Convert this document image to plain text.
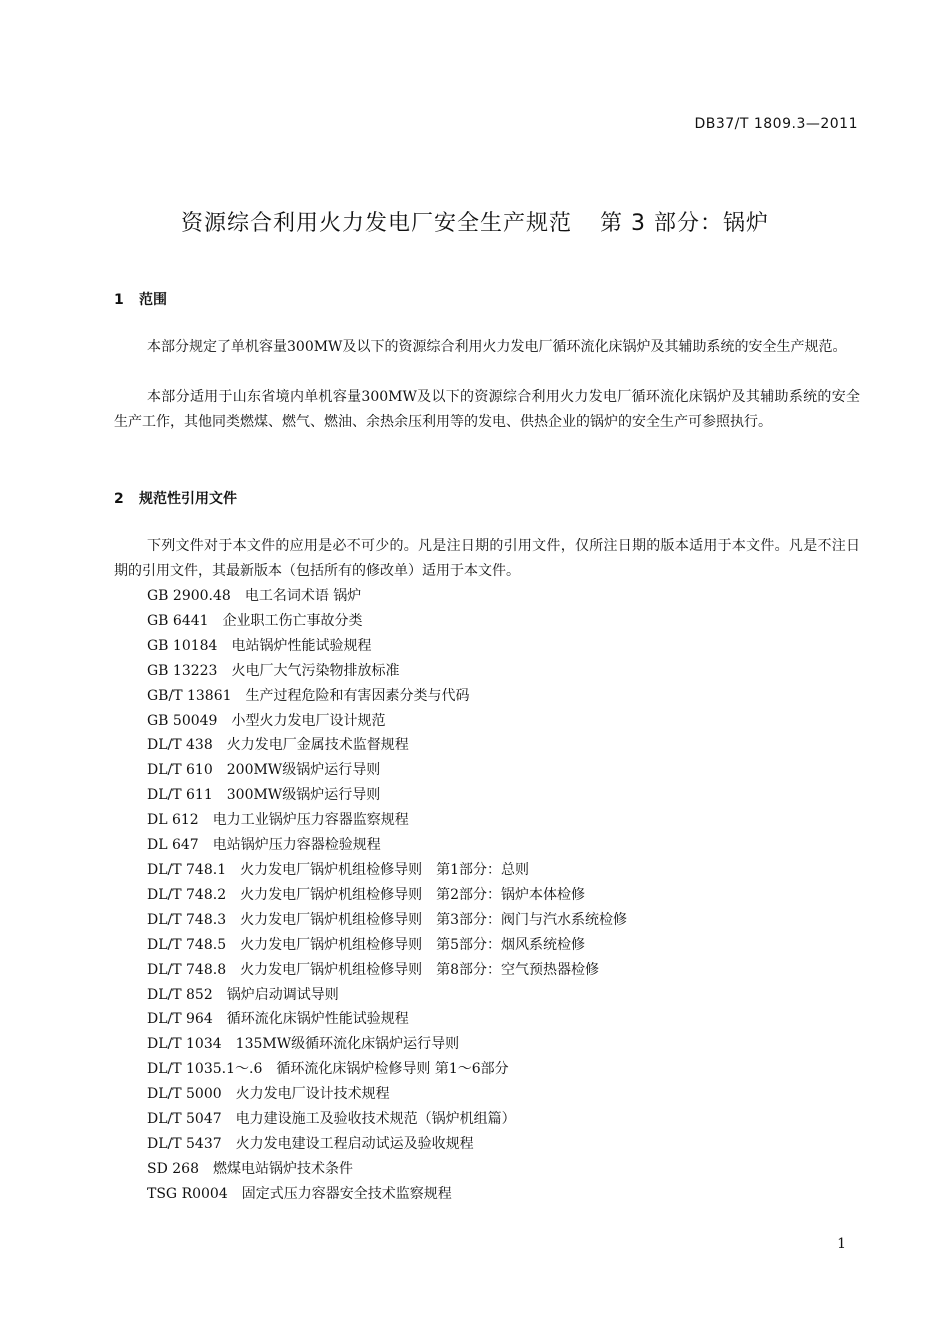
DB37/T 1809.3—2011
资源综合利用火力发电厂安全生产规范 第 3 部分：锅炉
1 范围

本部分规定了单机容量300MW及以下的资源综合利用火力发电厂循环流化床锅炉及其辅助系统的安全生产规范。

本部分适用于山东省境内单机容量300MW及以下的资源综合利用火力发电厂循环流化床锅炉及其辅助系统的安全生产工作，其他同类燃煤、燃气、燃油、余热余压利用等的发电、供热企业的锅炉的安全生产可参照执行。

2 规范性引用文件

下列文件对于本文件的应用是必不可少的。凡是注日期的引用文件，仅所注日期的版本适用于本文件。凡是不注日期的引用文件，其最新版本（包括所有的修改单）适用于本文件。

GB 2900.48 电工名词术语 锅炉
GB 6441 企业职工伤亡事故分类
GB 10184 电站锅炉性能试验规程
GB 13223 火电厂大气污染物排放标准
GB/T 13861 生产过程危险和有害因素分类与代码
GB 50049 小型火力发电厂设计规范
DL/T 438 火力发电厂金属技术监督规程
DL/T 610 200MW级锅炉运行导则
DL/T 611 300MW级锅炉运行导则
DL 612 电力工业锅炉压力容器监察规程
DL 647 电站锅炉压力容器检验规程
DL/T 748.1 火力发电厂锅炉机组检修导则　第1部分：总则
DL/T 748.2 火力发电厂锅炉机组检修导则　第2部分：锅炉本体检修
DL/T 748.3 火力发电厂锅炉机组检修导则　第3部分：阀门与汽水系统检修
DL/T 748.5 火力发电厂锅炉机组检修导则　第5部分：烟风系统检修
DL/T 748.8 火力发电厂锅炉机组检修导则　第8部分：空气预热器检修
DL/T 852 锅炉启动调试导则
DL/T 964 循环流化床锅炉性能试验规程
DL/T 1034 135MW级循环流化床锅炉运行导则
DL/T 1035.1～.6 循环流化床锅炉检修导则 第1～6部分
DL/T 5000 火力发电厂设计技术规程
DL/T 5047 电力建设施工及验收技术规范（锅炉机组篇）
DL/T 5437 火力发电建设工程启动试运及验收规程
SD 268 燃煤电站锅炉技术条件
TSG R0004 固定式压力容器安全技术监察规程
1
